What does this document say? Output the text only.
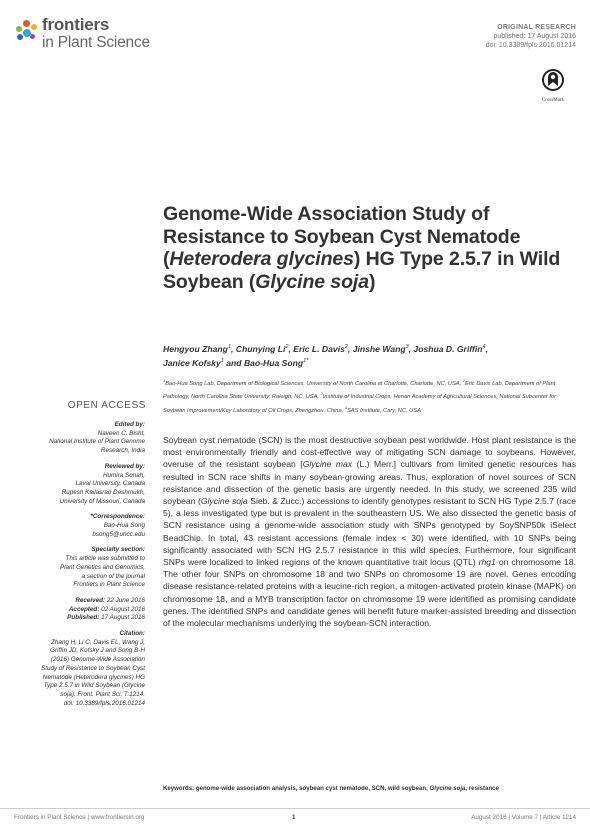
frontiers
in Plant Science
ORIGINAL RESEARCH
published: 17 August 2016
doi: 10.3389/fpls.2016.01214
CrossMark
Genome-Wide Association Study of Resistance to Soybean Cyst Nematode (Heterodera glycines) HG Type 2.5.7 in Wild Soybean (Glycine soja)
Hengyou Zhang$^1$, Chunying Li$^2$, Eric L. Davis$^2$, Jinshe Wang$^3$, Joshua D. Griffin$^4$,
Janice Kofsky$^1$ and Bao-Hua Song$^{1*}$
$^1$Bao-Hua Song Lab, Department of Biological Sciences, University of North Carolina at Charlotte, Charlotte, NC, USA, $^2$Eric Davis Lab, Department of Plant Pathology, North Carolina State University, Raleigh, NC, USA, $^3$Institute of Industrial Crops, Henan Academy of Agricultural Sciences, National Subcenter for Soybean Improvement/Key Laboratory of Oil Crops, Zhengzhou, China, $^4$SAS Institute, Cary, NC, USA
OPEN ACCESS
Edited by:
Naveen C. Bisht,
National Institute of Plant Genome
Research, India
Reviewed by:
Humira Sonah,
Laval University, Canada
Rupesh Kailasrao Deshmukh,
University of Missouri, Canada
*Correspondence:
Bao-Hua Song
bsong5@uncc.edu
Specialty section:
This article was submitted to
Plant Genetics and Genomics,
a section of the journal
Frontiers in Plant Science
Received: 22 June 2016
Accepted: 02 August 2016
Published: 17 August 2016
Citation:
Zhang H, Li C, Davis EL, Wang J,
Griffin JD, Kofsky J and Song B-H
(2016) Genome-Wide Association
Study of Resistance to Soybean Cyst
Nematode (Heterodera glycines) HG
Type 2.5.7 in Wild Soybean (Glycine
soja). Front. Plant Sci. 7:1214.
doi: 10.3389/fpls.2016.01214
Soybean cyst nematode (SCN) is the most destructive soybean pest worldwide. Host plant resistance is the most environmentally friendly and cost-effective way of mitigating SCN damage to soybeans. However, overuse of the resistant soybean [Glycine max (L.) Merr.] cultivars from limited genetic resources has resulted in SCN race shifts in many soybean-growing areas. Thus, exploration of novel sources of SCN resistance and dissection of the genetic basis are urgently needed. In this study, we screened 235 wild soybean (Glycine soja Sieb. & Zucc.) accessions to identify genotypes resistant to SCN HG Type 2.5.7 (race 5), a less investigated type but is prevalent in the southeastern US. We also dissected the genetic basis of SCN resistance using a genome-wide association study with SNPs genotyped by SoySNP50k iSelect BeadChip. In total, 43 resistant accessions (female index < 30) were identified, with 10 SNPs being significantly associated with SCN HG 2.5.7 resistance in this wild species. Furthermore, four significant SNPs were localized to linked regions of the known quantitative trait locus (QTL) rhg1 on chromosome 18. The other four SNPs on chromosome 18 and two SNPs on chromosome 19 are novel. Genes encoding disease resistance-related proteins with a leucine-rich region, a mitogen-activated protein kinase (MAPK) on chromosome 18, and a MYB transcription factor on chromosome 19 were identified as promising candidate genes. The identified SNPs and candidate genes will benefit future marker-assisted breeding and dissection of the molecular mechanisms underlying the soybean-SCN interaction.
Keywords: genome-wide association analysis, soybean cyst nematode, SCN, wild soybean, Glycine soja, resistance
Frontiers in Plant Science | www.frontiersin.org	1	August 2016 | Volume 7 | Article 1214
